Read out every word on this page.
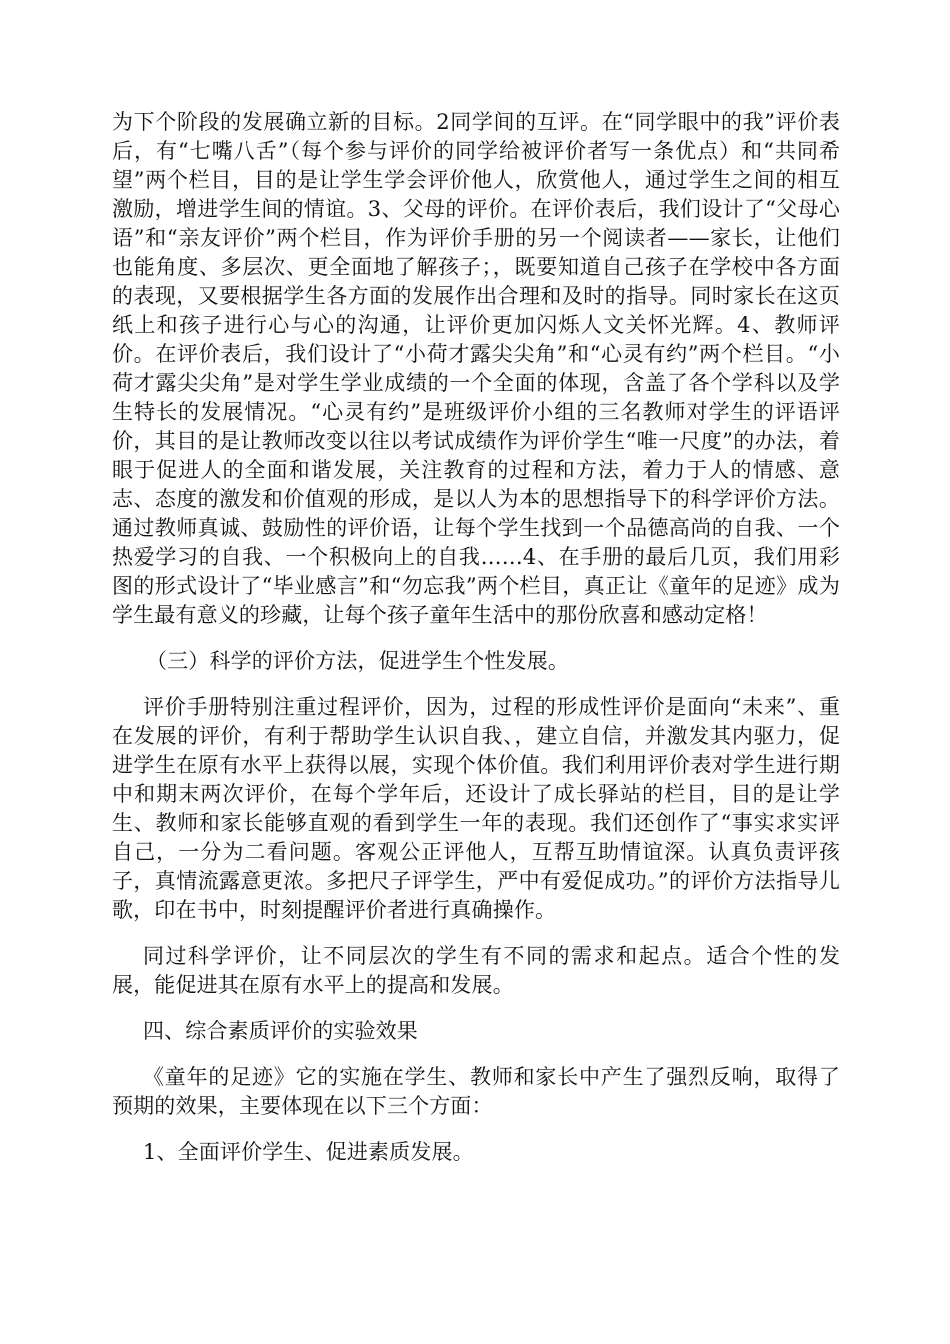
为下个阶段的发展确立新的目标。2同学间的互评。在“同学眼中的我”评价表后，有“七嘴八舌”（每个参与评价的同学给被评价者写一条优点）和“共同希望”两个栏目，目的是让学生学会评价他人，欣赏他人，通过学生之间的相互激励，增进学生间的情谊。3、父母的评价。在评价表后，我们设计了“父母心语”和“亲友评价”两个栏目，作为评价手册的另一个阅读者——家长，让他们也能角度、多层次、更全面地了解孩子；，既要知道自己孩子在学校中各方面的表现，又要根据学生各方面的发展作出合理和及时的指导。同时家长在这页纸上和孩子进行心与心的沟通，让评价更加闪烁人文关怀光辉。4、教师评价。在评价表后，我们设计了“小荷才露尖尖角”和“心灵有约”两个栏目。“小荷才露尖尖角”是对学生学业成绩的一个全面的体现，含盖了各个学科以及学生特长的发展情况。“心灵有约”是班级评价小组的三名教师对学生的评语评价，其目的是让教师改变以往以考试成绩作为评价学生“唯一尺度”的办法，着眼于促进人的全面和谐发展，关注教育的过程和方法，着力于人的情感、意志、态度的激发和价值观的形成，是以人为本的思想指导下的科学评价方法。通过教师真诚、鼓励性的评价语，让每个学生找到一个品德高尚的自我、一个热爱学习的自我、一个积极向上的自我……4、在手册的最后几页，我们用彩图的形式设计了“毕业感言”和“勿忘我”两个栏目，真正让《童年的足迹》成为学生最有意义的珍藏，让每个孩子童年生活中的那份欣喜和感动定格！

（三）科学的评价方法，促进学生个性发展。

评价手册特别注重过程评价，因为，过程的形成性评价是面向“未来”、重在发展的评价，有利于帮助学生认识自我、，建立自信，并激发其内驱力，促进学生在原有水平上获得以展，实现个体价值。我们利用评价表对学生进行期中和期末两次评价，在每个学年后，还设计了成长驿站的栏目，目的是让学生、教师和家长能够直观的看到学生一年的表现。我们还创作了“事实求实评自己，一分为二看问题。客观公正评他人，互帮互助情谊深。认真负责评孩子，真情流露意更浓。多把尺子评学生，严中有爱促成功。”的评价方法指导儿歌，印在书中，时刻提醒评价者进行真确操作。

同过科学评价，让不同层次的学生有不同的需求和起点。适合个性的发展，能促进其在原有水平上的提高和发展。

四、综合素质评价的实验效果

《童年的足迹》它的实施在学生、教师和家长中产生了强烈反响，取得了预期的效果，主要体现在以下三个方面：

1、全面评价学生、促进素质发展。
